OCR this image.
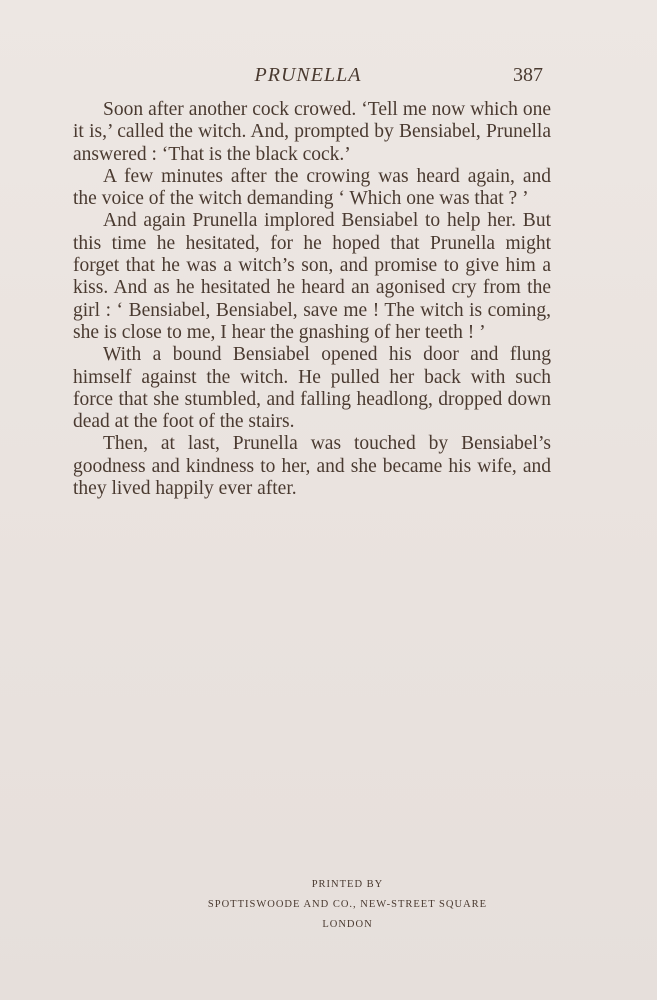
PRUNELLA	387

Soon after another cock crowed. ‘Tell me now which one it is,’ called the witch. And, prompted by Bensiabel, Prunella answered : ‘That is the black cock.’

A few minutes after the crowing was heard again, and the voice of the witch demanding ‘ Which one was that ? ’

And again Prunella implored Bensiabel to help her. But this time he hesitated, for he hoped that Prunella might forget that he was a witch’s son, and promise to give him a kiss. And as he hesitated he heard an agonised cry from the girl : ‘ Bensiabel, Bensiabel, save me ! The witch is coming, she is close to me, I hear the gnashing of her teeth ! ’

With a bound Bensiabel opened his door and flung himself against the witch. He pulled her back with such force that she stumbled, and falling headlong, dropped down dead at the foot of the stairs.

Then, at last, Prunella was touched by Bensiabel’s goodness and kindness to her, and she became his wife, and they lived happily ever after.

PRINTED BY
SPOTTISWOODE AND CO., NEW-STREET SQUARE
LONDON
